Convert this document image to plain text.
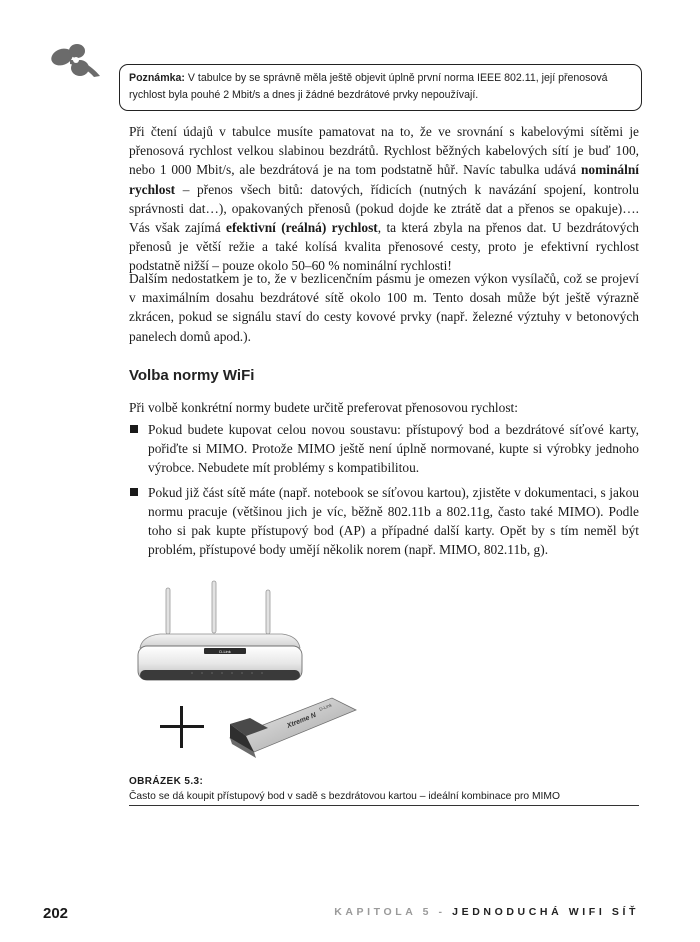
Poznámka: V tabulce by se správně měla ještě objevit úplně první norma IEEE 802.11, její přenosová rychlost byla pouhé 2 Mbit/s a dnes ji žádné bezdrátové prvky nepoužívají.

Při čtení údajů v tabulce musíte pamatovat na to, že ve srovnání s kabelovými sítěmi je přenosová rychlost velkou slabinou bezdrátů. Rychlost běžných kabelových sítí je buď 100, nebo 1 000 Mbit/s, ale bezdrátová je na tom podstatně hůř. Navíc tabulka udává nominální rychlost – přenos všech bitů: datových, řídicích (nutných k navázání spojení, kontrolu správnosti dat…), opakovaných přenosů (pokud dojde ke ztrátě dat a přenos se opakuje)…. Vás však zajímá efektivní (reálná) rychlost, ta která zbyla na přenos dat. U bezdrátových přenosů je větší režie a také kolísá kvalita přenosové cesty, proto je efektivní rychlost podstatně nižší – pouze okolo 50–60 % nominální rychlosti!

Dalším nedostatkem je to, že v bezlicenčním pásmu je omezen výkon vysílačů, což se projeví v maximálním dosahu bezdrátové sítě okolo 100 m. Tento dosah může být ještě výrazně zkrácen, pokud se signálu staví do cesty kovové prvky (např. železné výztuhy v betonových panelech domů apod.).

Volba normy WiFi

Při volbě konkrétní normy budete určitě preferovat přenosovou rychlost:

Pokud budete kupovat celou novou soustavu: přístupový bod a bezdrátové síťové karty, pořiďte si MIMO. Protože MIMO ještě není úplně normované, kupte si výrobky jednoho výrobce. Nebudete mít problémy s kompatibilitou.
Pokud již část sítě máte (např. notebook se síťovou kartou), zjistěte v dokumentaci, s jakou normu pracuje (většinou jich je víc, běžně 802.11b a 802.11g, často také MIMO). Podle toho si pak kupte přístupový bod (AP) a případné další karty. Opět by s tím neměl být problém, přístupové body umějí několik norem (např. MIMO, 802.11b, g).
D-Link
Xtreme N
D-Link

OBRÁZEK 5.3:

Často se dá koupit přístupový bod v sadě s bezdrátovou kartou – ideální kombinace pro MIMO

202	KAPITOLA 5 - JEDNODUCHÁ WIFI SÍŤ
